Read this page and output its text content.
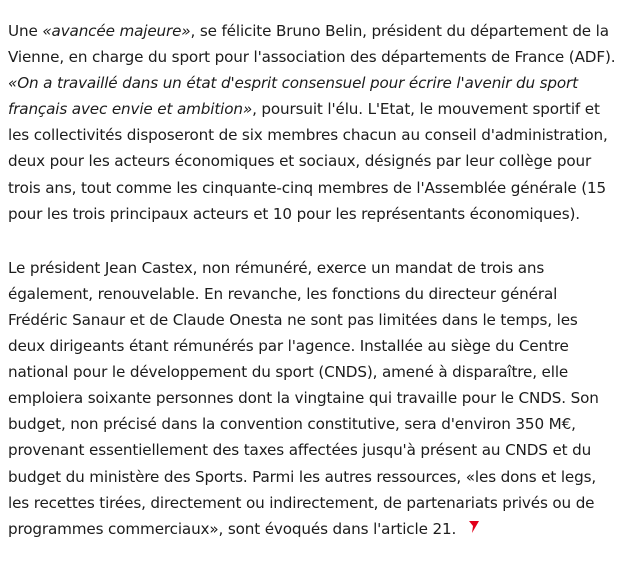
Une «avancée majeure», se félicite Bruno Belin, président du département de la
Vienne, en charge du sport pour l'association des départements de France (ADF).
«On a travaillé dans un état d'esprit consensuel pour écrire l'avenir du sport
français avec envie et ambition», poursuit l'élu. L'Etat, le mouvement sportif et
les collectivités disposeront de six membres chacun au conseil d'administration,
deux pour les acteurs économiques et sociaux, désignés par leur collège pour
trois ans, tout comme les cinquante-cinq membres de l'Assemblée générale (15
pour les trois principaux acteurs et 10 pour les représentants économiques).

Le président Jean Castex, non rémunéré, exerce un mandat de trois ans
également, renouvelable. En revanche, les fonctions du directeur général
Frédéric Sanaur et de Claude Onesta ne sont pas limitées dans le temps, les
deux dirigeants étant rémunérés par l'agence. Installée au siège du Centre
national pour le développement du sport (CNDS), amené à disparaître, elle
emploiera soixante personnes dont la vingtaine qui travaille pour le CNDS. Son
budget, non précisé dans la convention constitutive, sera d'environ 350 M€,
provenant essentiellement des taxes affectées jusqu'à présent au CNDS et du
budget du ministère des Sports. Parmi les autres ressources, «les dons et legs,
les recettes tirées, directement ou indirectement, de partenariats privés ou de
programmes commerciaux», sont évoqués dans l'article 21.
